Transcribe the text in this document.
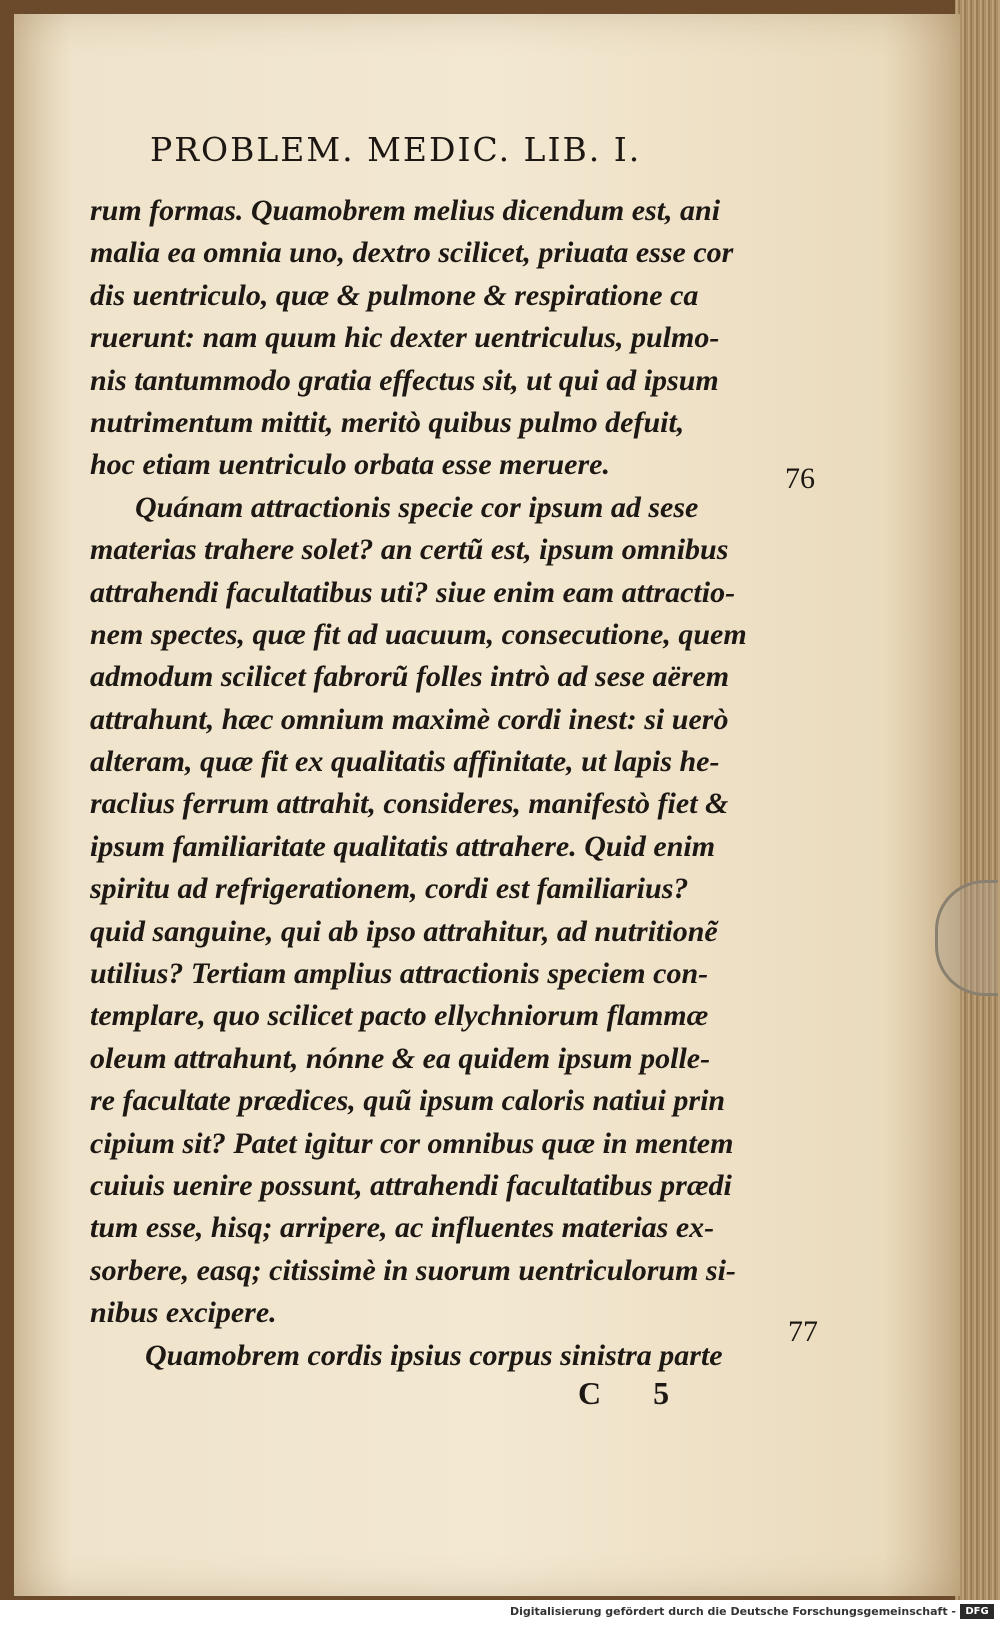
PROBLEM. MEDIC. LIB. I.
rum formas. Quamobrem melius dicendum est, ani
malia ea omnia uno, dextro scilicet, priuata esse cor
dis uentriculo, quæ & pulmone & respiratione ca
ruerunt: nam quum hic dexter uentriculus, pulmo-
nis tantummodo gratia effectus sit, ut qui ad ipsum
nutrimentum mittit, meritò quibus pulmo defuit,
hoc etiam uentriculo orbata esse meruere.
Quánam attractionis specie cor ipsum ad sese
materias trahere solet? an certũ est, ipsum omnibus
attrahendi facultatibus uti? siue enim eam attractio-
nem spectes, quæ fit ad uacuum, consecutione, quem
admodum scilicet fabrorũ folles intrò ad sese aërem
attrahunt, hæc omnium maximè cordi inest: si uerò
alteram, quæ fit ex qualitatis affinitate, ut lapis he-
raclius ferrum attrahit, consideres, manifestò fiet &
ipsum familiaritate qualitatis attrahere. Quid enim
spiritu ad refrigerationem, cordi est familiarius?
quid sanguine, qui ab ipso attrahitur, ad nutritionẽ
utilius? Tertiam amplius attractionis speciem con-
templare, quo scilicet pacto ellychniorum flammæ
oleum attrahunt, nónne & ea quidem ipsum polle-
re facultate prædices, quũ ipsum caloris natiui prin
cipium sit? Patet igitur cor omnibus quæ in mentem
cuiuis uenire possunt, attrahendi facultatibus prædi
tum esse, hisq; arripere, ac influentes materias ex-
sorbere, easq; citissimè in suorum uentriculorum si-
nibus excipere.
Quamobrem cordis ipsius corpus sinistra parte
76
77
C 5
Digitalisierung gefördert durch die Deutsche Forschungsgemeinschaft - DFG
